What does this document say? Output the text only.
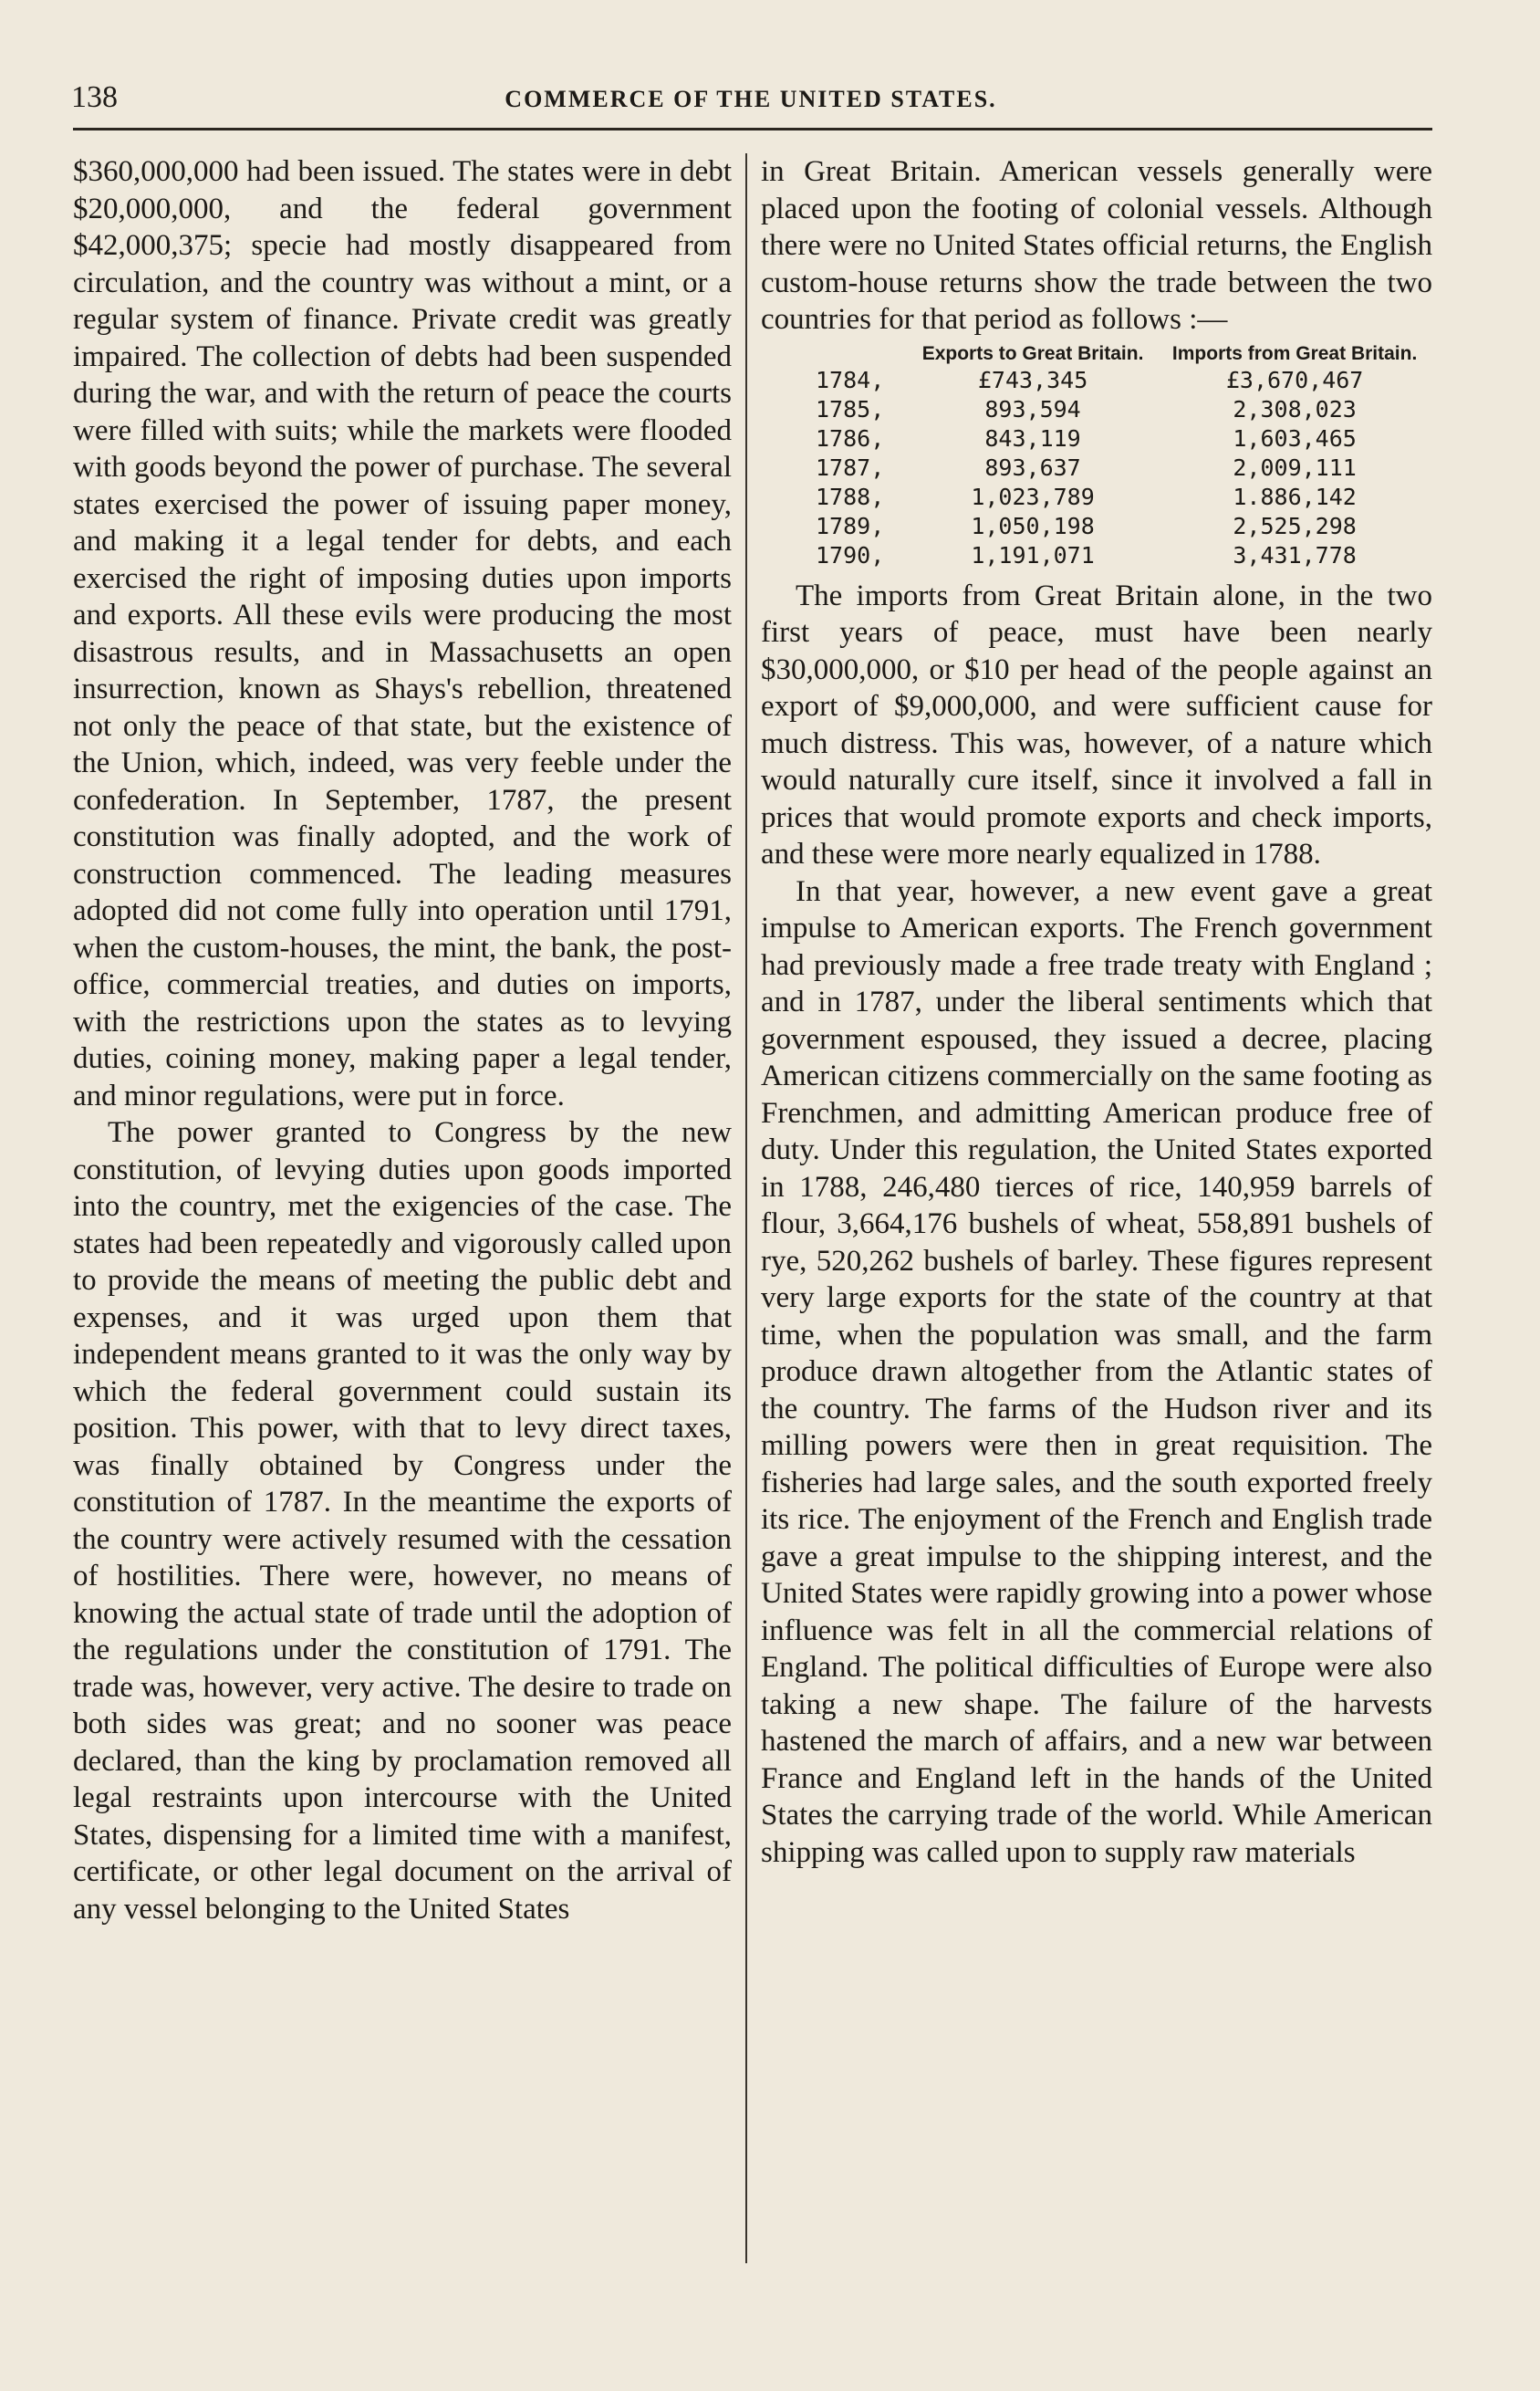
138	COMMERCE OF THE UNITED STATES.

$360,000,000 had been issued. The states were in debt $20,000,000, and the federal government $42,000,375; specie had mostly disappeared from circulation, and the country was without a mint, or a regular system of finance. Private credit was greatly impaired. The collection of debts had been suspended during the war, and with the return of peace the courts were filled with suits; while the markets were flooded with goods beyond the power of purchase. The several states exercised the power of issuing paper money, and making it a legal tender for debts, and each exercised the right of imposing duties upon imports and exports. All these evils were producing the most disastrous results, and in Massachusetts an open insurrection, known as Shays's rebellion, threatened not only the peace of that state, but the existence of the Union, which, indeed, was very feeble under the confederation. In September, 1787, the present constitution was finally adopted, and the work of construction commenced. The leading measures adopted did not come fully into operation until 1791, when the custom-houses, the mint, the bank, the post-office, commercial treaties, and duties on imports, with the restrictions upon the states as to levying duties, coining money, making paper a legal tender, and minor regulations, were put in force.

The power granted to Congress by the new constitution, of levying duties upon goods imported into the country, met the exigencies of the case. The states had been repeatedly and vigorously called upon to provide the means of meeting the public debt and expenses, and it was urged upon them that independent means granted to it was the only way by which the federal government could sustain its position. This power, with that to levy direct taxes, was finally obtained by Congress under the constitution of 1787. In the meantime the exports of the country were actively resumed with the cessation of hostilities. There were, however, no means of knowing the actual state of trade until the adoption of the regulations under the constitution of 1791. The trade was, however, very active. The desire to trade on both sides was great; and no sooner was peace declared, than the king by proclamation removed all legal restraints upon intercourse with the United States, dispensing for a limited time with a manifest, certificate, or other legal document on the arrival of any vessel belonging to the United States

in Great Britain. American vessels generally were placed upon the footing of colonial vessels. Although there were no United States official returns, the English custom-house returns show the trade between the two countries for that period as follows :—

	Exports to Great Britain.	Imports from Great Britain.
1784,	£743,345	£3,670,467
1785,	893,594	2,308,023
1786,	843,119	1,603,465
1787,	893,637	2,009,111
1788,	1,023,789	1.886,142
1789,	1,050,198	2,525,298
1790,	1,191,071	3,431,778

The imports from Great Britain alone, in the two first years of peace, must have been nearly $30,000,000, or $10 per head of the people against an export of $9,000,000, and were sufficient cause for much distress. This was, however, of a nature which would naturally cure itself, since it involved a fall in prices that would promote exports and check imports, and these were more nearly equalized in 1788.

In that year, however, a new event gave a great impulse to American exports. The French government had previously made a free trade treaty with England ; and in 1787, under the liberal sentiments which that government espoused, they issued a decree, placing American citizens commercially on the same footing as Frenchmen, and admitting American produce free of duty. Under this regulation, the United States exported in 1788, 246,480 tierces of rice, 140,959 barrels of flour, 3,664,176 bushels of wheat, 558,891 bushels of rye, 520,262 bushels of barley. These figures represent very large exports for the state of the country at that time, when the population was small, and the farm produce drawn altogether from the Atlantic states of the country. The farms of the Hudson river and its milling powers were then in great requisition. The fisheries had large sales, and the south exported freely its rice. The enjoyment of the French and English trade gave a great impulse to the shipping interest, and the United States were rapidly growing into a power whose influence was felt in all the commercial relations of England. The political difficulties of Europe were also taking a new shape. The failure of the harvests hastened the march of affairs, and a new war between France and England left in the hands of the United States the carrying trade of the world. While American shipping was called upon to supply raw materials
